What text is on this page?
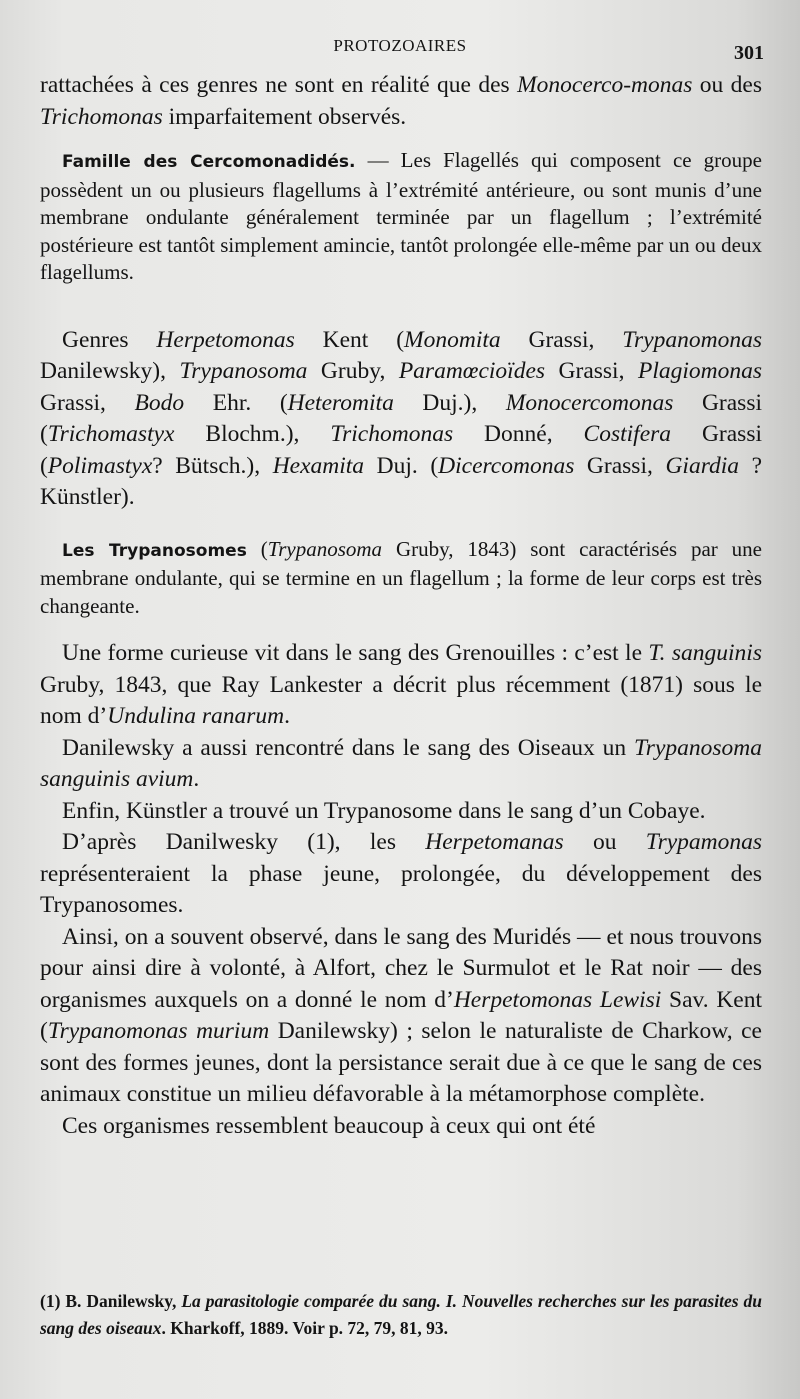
PROTOZOAIRES	301

rattachées à ces genres ne sont en réalité que des Monocerco-monas ou des Trichomonas imparfaitement observés.

Famille des Cercomonadidés. — Les Flagellés qui composent ce groupe possèdent un ou plusieurs flagellums à l’extrémité antérieure, ou sont munis d’une membrane ondulante généralement terminée par un flagellum ; l’extrémité postérieure est tantôt simplement amincie, tantôt prolongée elle-même par un ou deux flagellums.

Genres Herpetomonas Kent (Monomita Grassi, Trypanomonas Danilewsky), Trypanosoma Gruby, Paramœcioïdes Grassi, Plagiomonas Grassi, Bodo Ehr. (Heteromita Duj.), Monocercomonas Grassi (Trichomastyx Blochm.), Trichomonas Donné, Costifera Grassi (Polimastyx? Bütsch.), Hexamita Duj. (Dicercomonas Grassi, Giardia ? Künstler).

Les Trypanosomes (Trypanosoma Gruby, 1843) sont caractérisés par une membrane ondulante, qui se termine en un flagellum ; la forme de leur corps est très changeante.

Une forme curieuse vit dans le sang des Grenouilles : c’est le T. sanguinis Gruby, 1843, que Ray Lankester a décrit plus récemment (1871) sous le nom d’Undulina ranarum.

Danilewsky a aussi rencontré dans le sang des Oiseaux un Trypanosoma sanguinis avium.

Enfin, Künstler a trouvé un Trypanosome dans le sang d’un Cobaye.

D’après Danilwesky (1), les Herpetomanas ou Trypamonas représenteraient la phase jeune, prolongée, du développement des Trypanosomes.

Ainsi, on a souvent observé, dans le sang des Muridés — et nous trouvons pour ainsi dire à volonté, à Alfort, chez le Surmulot et le Rat noir — des organismes auxquels on a donné le nom d’Herpetomonas Lewisi Sav. Kent (Trypanomonas murium Danilewsky) ; selon le naturaliste de Charkow, ce sont des formes jeunes, dont la persistance serait due à ce que le sang de ces animaux constitue un milieu défavorable à la métamorphose complète.

Ces organismes ressemblent beaucoup à ceux qui ont été

(1) B. Danilewsky, La parasitologie comparée du sang. I. Nouvelles recherches sur les parasites du sang des oiseaux. Kharkoff, 1889. Voir p. 72, 79, 81, 93.
